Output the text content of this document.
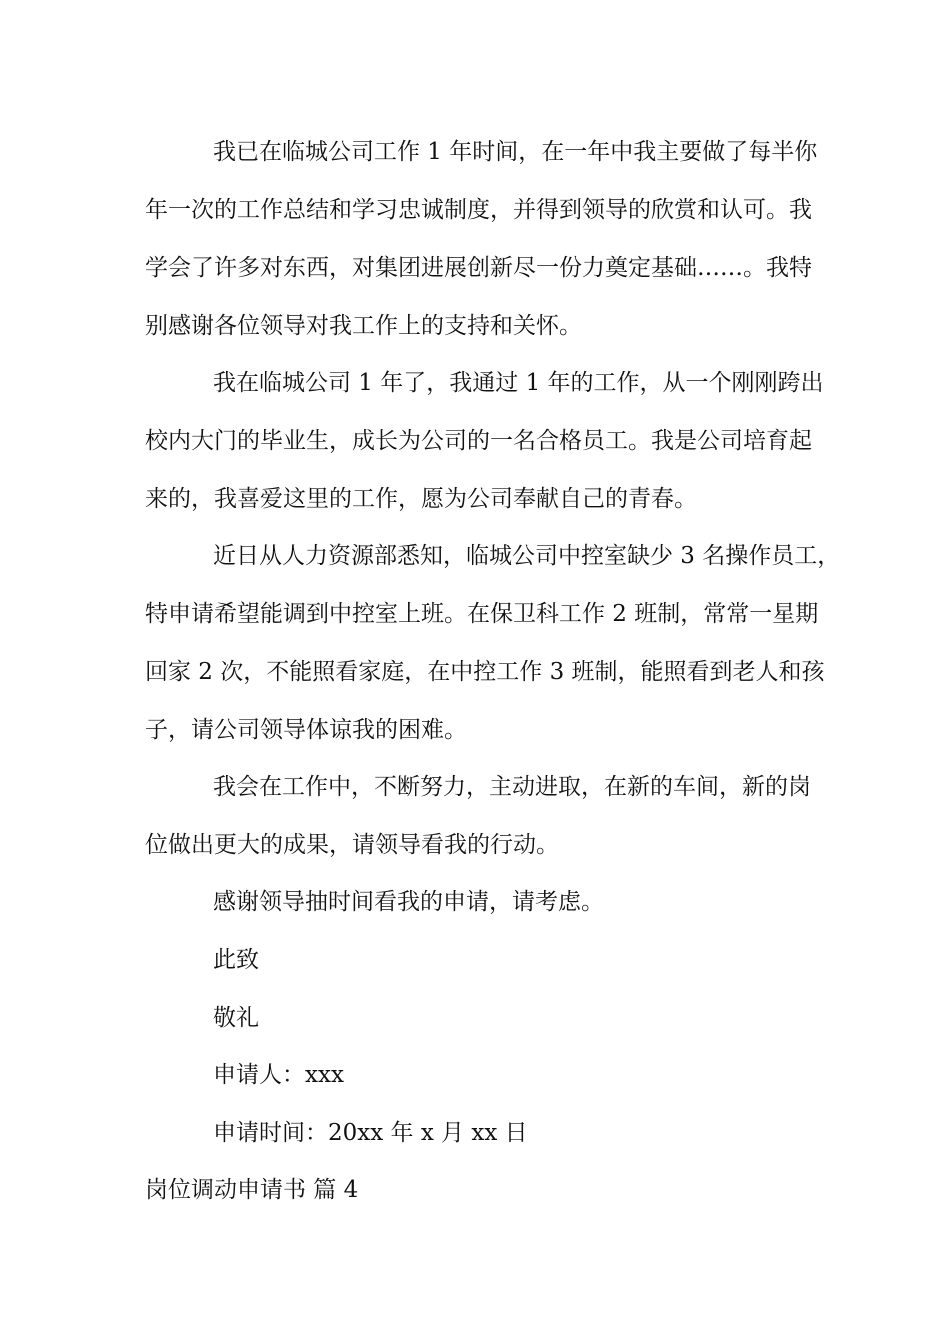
我已在临城公司工作 1 年时间，在一年中我主要做了每半你
年一次的工作总结和学习忠诚制度，并得到领导的欣赏和认可。我
学会了许多对东西，对集团进展创新尽一份力奠定基础……。我特
别感谢各位领导对我工作上的支持和关怀。
我在临城公司 1 年了，我通过 1 年的工作，从一个刚刚跨出
校内大门的毕业生，成长为公司的一名合格员工。我是公司培育起
来的，我喜爱这里的工作，愿为公司奉献自己的青春。
近日从人力资源部悉知，临城公司中控室缺少 3 名操作员工，
特申请希望能调到中控室上班。在保卫科工作 2 班制，常常一星期
回家 2 次，不能照看家庭，在中控工作 3 班制，能照看到老人和孩
子，请公司领导体谅我的困难。
我会在工作中，不断努力，主动进取，在新的车间，新的岗
位做出更大的成果，请领导看我的行动。
感谢领导抽时间看我的申请，请考虑。
此致
敬礼
申请人：xxx
申请时间：20xx 年 x 月 xx 日
岗位调动申请书 篇 4
